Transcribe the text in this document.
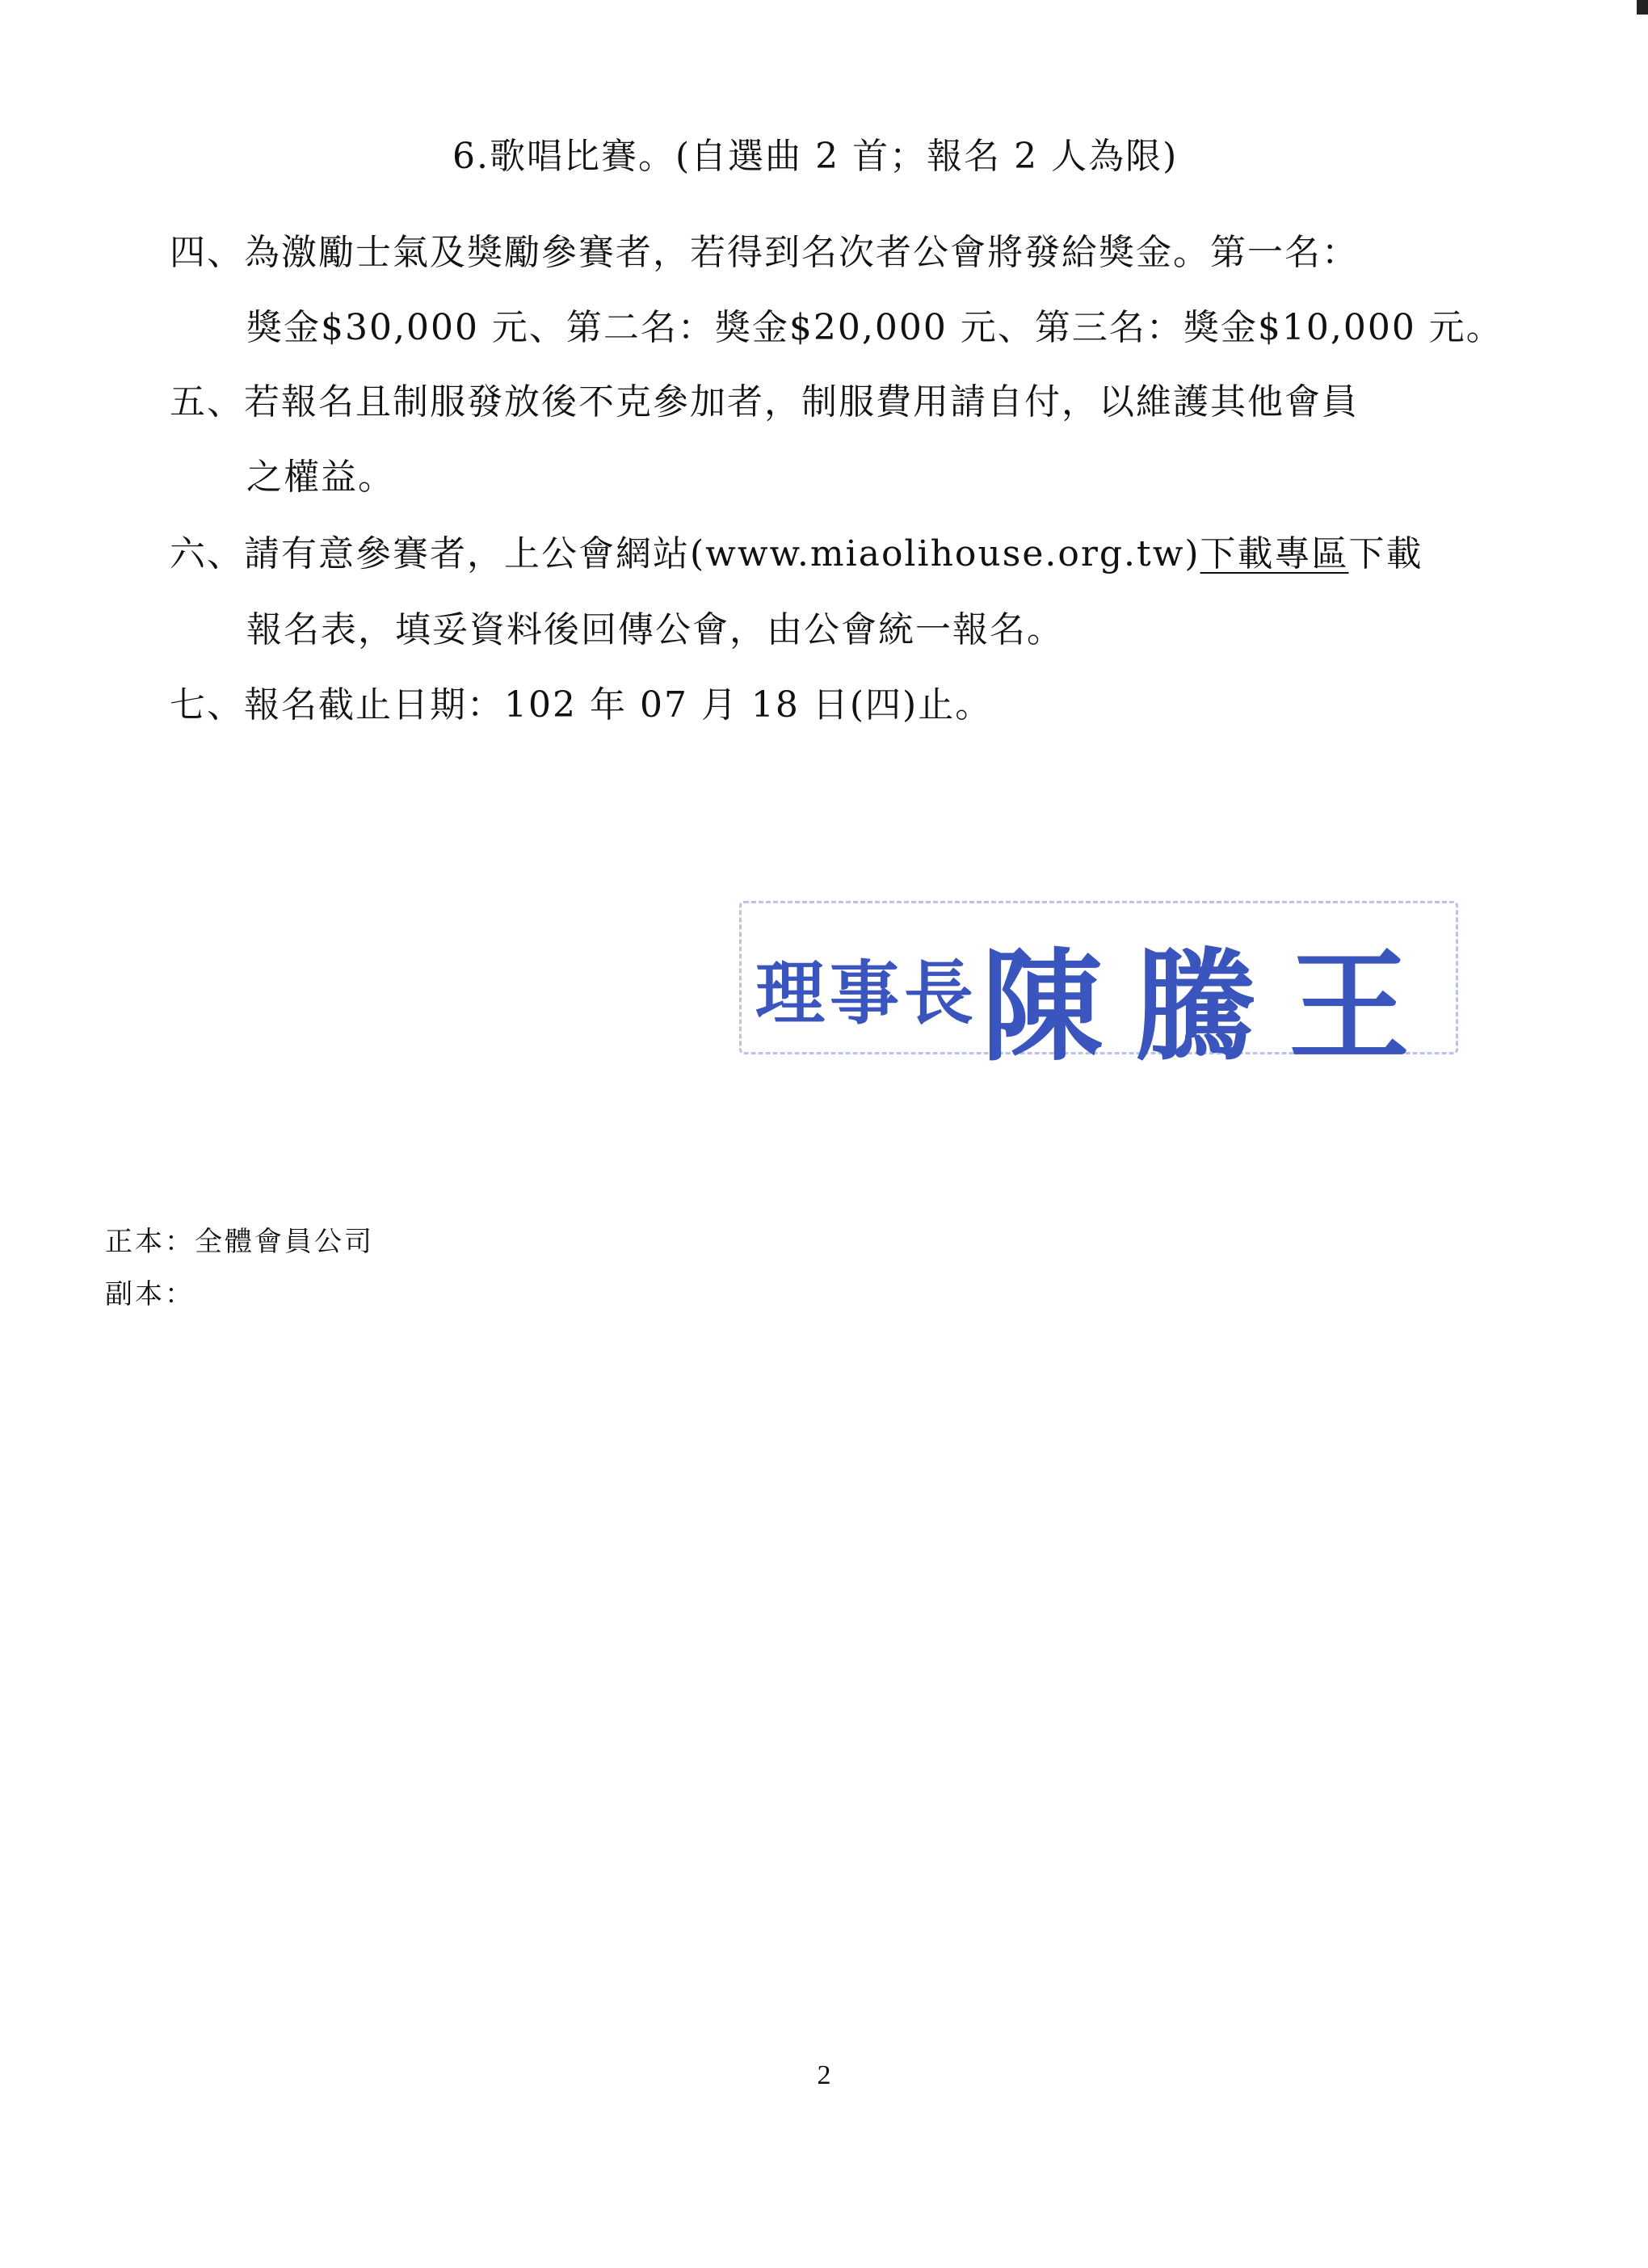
6.歌唱比賽。(自選曲 2 首；報名 2 人為限)
四、為激勵士氣及獎勵參賽者，若得到名次者公會將發給獎金。第一名：
獎金$30,000 元、第二名：獎金$20,000 元、第三名：獎金$10,000 元。
五、若報名且制服發放後不克參加者，制服費用請自付，以維護其他會員
之權益。
六、請有意參賽者，上公會網站(www.miaolihouse.org.tw)下載專區下載
報名表，填妥資料後回傳公會，由公會統一報名。
七、報名截止日期：102 年 07 月 18 日(四)止。
理事長 陳騰王
正本：全體會員公司
副本：
2
